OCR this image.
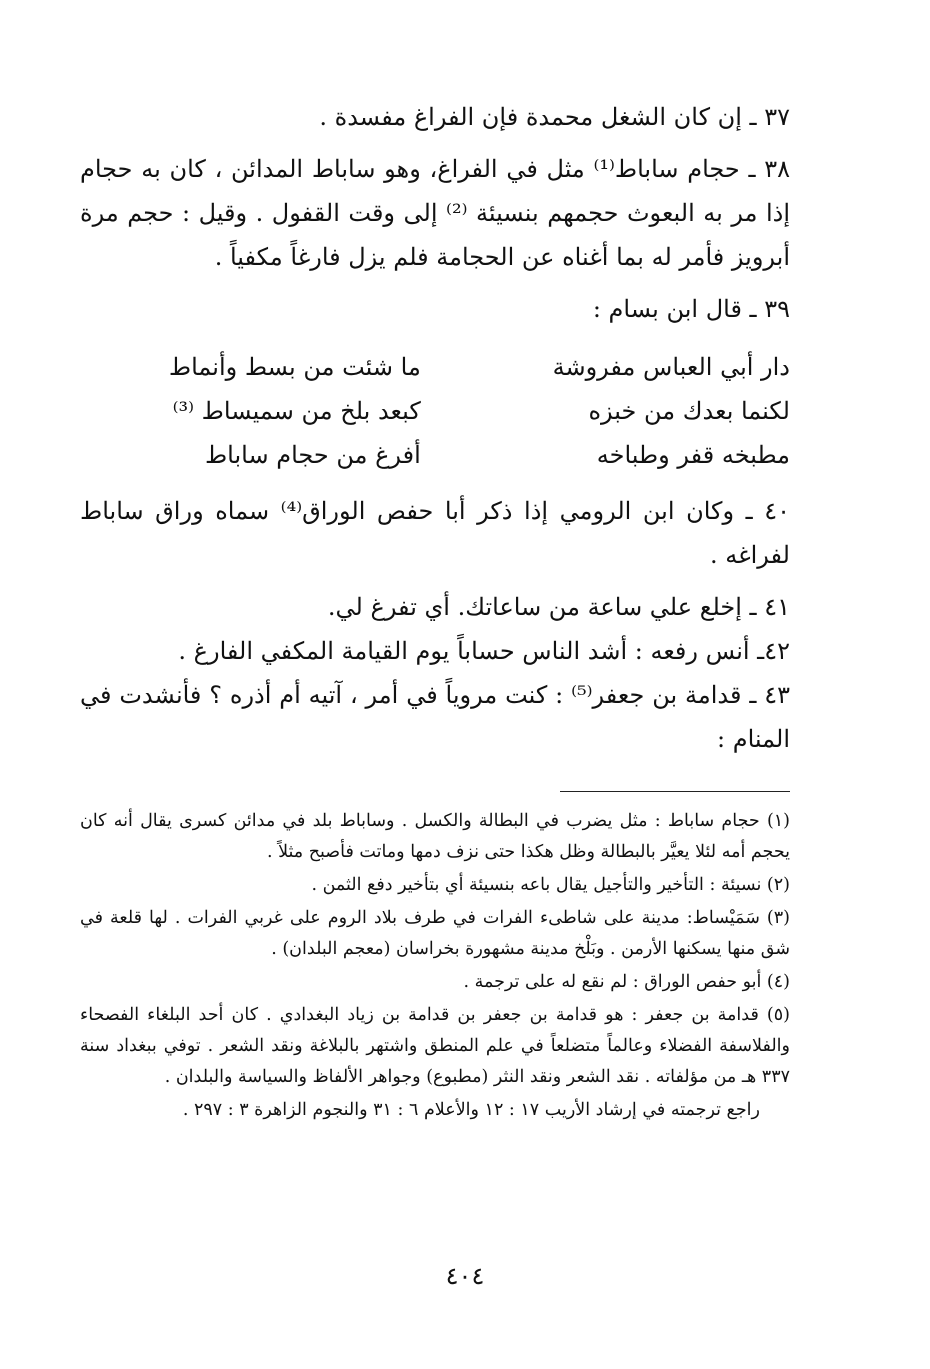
٣٧ ـ إن كان الشغل محمدة فإن الفراغ مفسدة .

٣٨ ـ حجام ساباط⁽¹⁾ مثل في الفراغ، وهو ساباط المدائن ، كان به حجام إذا مر به البعوث حجمهم بنسيئة ⁽²⁾ إلى وقت القفول . وقيل : حجم مرة أبرويز فأمر له بما أغناه عن الحجامة فلم يزل فارغاً مكفياً .

٣٩ ـ قال ابن بسام :

دار أبي العباس مفروشة
ما شئت من بسط وأنماط
لكنما بعدك من خبزه
كبعد بلخ من سميساط ⁽³⁾
مطبخه قفر وطباخه
أفرغ من حجام ساباط

٤٠ ـ وكان ابن الرومي إذا ذكر أبا حفص الوراق⁽⁴⁾ سماه وراق ساباط لفراغه .

٤١ ـ إخلع علي ساعة من ساعاتك. أي تفرغ لي.

٤٢ـ أنس رفعه : أشد الناس حساباً يوم القيامة المكفي الفارغ .

٤٣ ـ قدامة بن جعفر⁽⁵⁾ : كنت مروياً في أمر ، آتيه أم أذره ؟ فأنشدت في المنام :

(١) حجام ساباط : مثل يضرب في البطالة والكسل . وساباط بلد في مدائن كسرى يقال أنه كان يحجم أمه لئلا يعيَّر بالبطالة وظل هكذا حتى نزف دمها وماتت فأصبح مثلاً .

(٢) نسيئة : التأخير والتأجيل يقال باعه بنسيئة أي بتأخير دفع الثمن .

(٣) سَمَيْساط: مدينة على شاطىء الفرات في طرف بلاد الروم على غربي الفرات . لها قلعة في شق منها يسكنها الأرمن . وبَلْخ مدينة مشهورة بخراسان (معجم البلدان) .

(٤) أبو حفص الوراق : لم نقع له على ترجمة .

(٥) قدامة بن جعفر : هو قدامة بن جعفر بن قدامة بن زياد البغدادي . كان أحد البلغاء الفصحاء والفلاسفة الفضلاء وعالماً متضلعاً في علم المنطق واشتهر بالبلاغة ونقد الشعر . توفي ببغداد سنة ٣٣٧ هـ من مؤلفاته . نقد الشعر ونقد النثر (مطبوع) وجواهر الألفاظ والسياسة والبلدان .

راجع ترجمته في إرشاد الأريب ١٧ : ١٢ والأعلام ٦ : ٣١ والنجوم الزاهرة ٣ : ٢٩٧ .

٤٠٤
